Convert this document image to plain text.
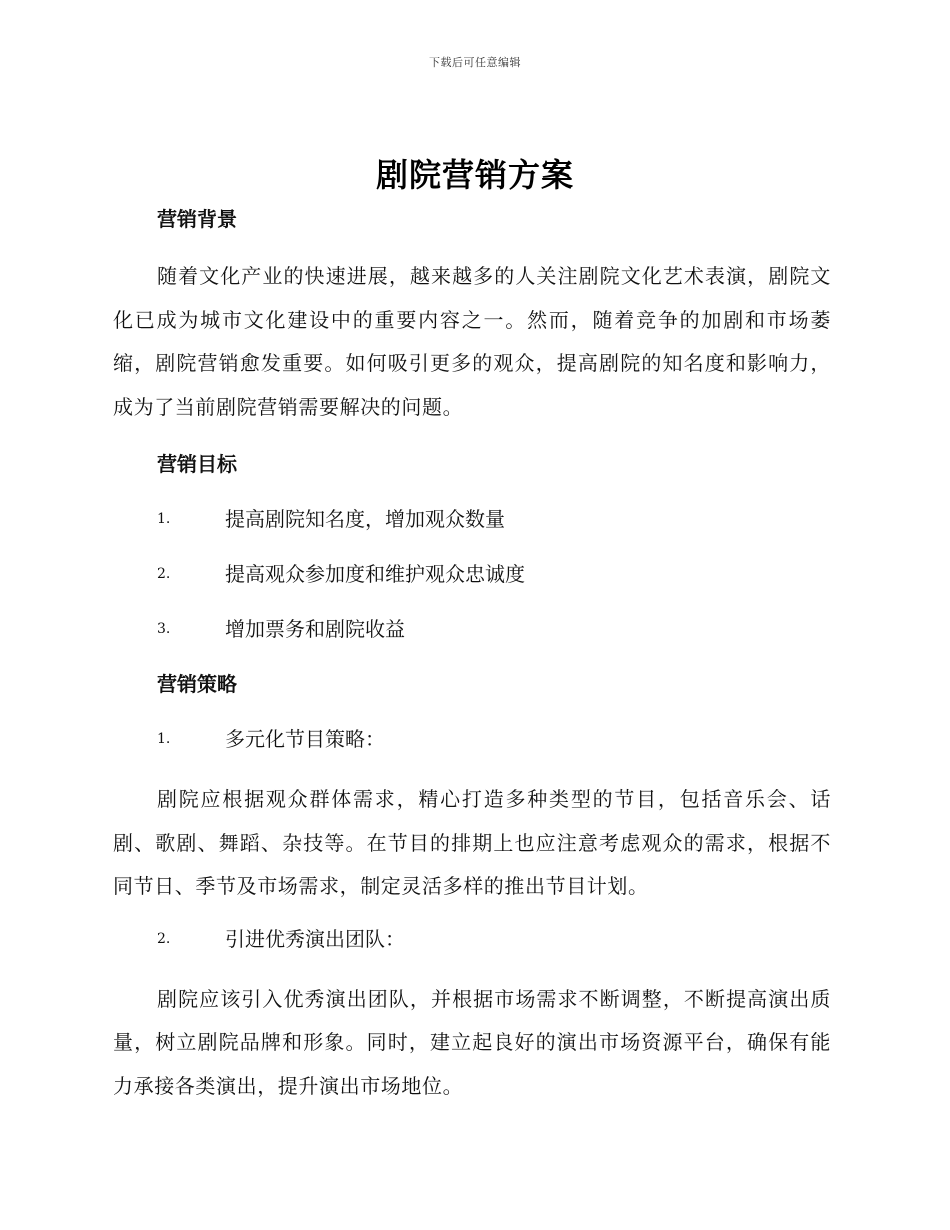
下载后可任意编辑
剧院营销方案
营销背景

随着文化产业的快速进展，越来越多的人关注剧院文化艺术表演，剧院文化已成为城市文化建设中的重要内容之一。然而，随着竞争的加剧和市场萎缩，剧院营销愈发重要。如何吸引更多的观众，提高剧院的知名度和影响力，成为了当前剧院营销需要解决的问题。

营销目标
1.	提高剧院知名度，增加观众数量
2.	提高观众参加度和维护观众忠诚度
3.	增加票务和剧院收益
营销策略
1.	多元化节目策略：

剧院应根据观众群体需求，精心打造多种类型的节目，包括音乐会、话剧、歌剧、舞蹈、杂技等。在节目的排期上也应注意考虑观众的需求，根据不同节日、季节及市场需求，制定灵活多样的推出节目计划。

2.	引进优秀演出团队：

剧院应该引入优秀演出团队，并根据市场需求不断调整，不断提高演出质量，树立剧院品牌和形象。同时，建立起良好的演出市场资源平台，确保有能力承接各类演出，提升演出市场地位。
